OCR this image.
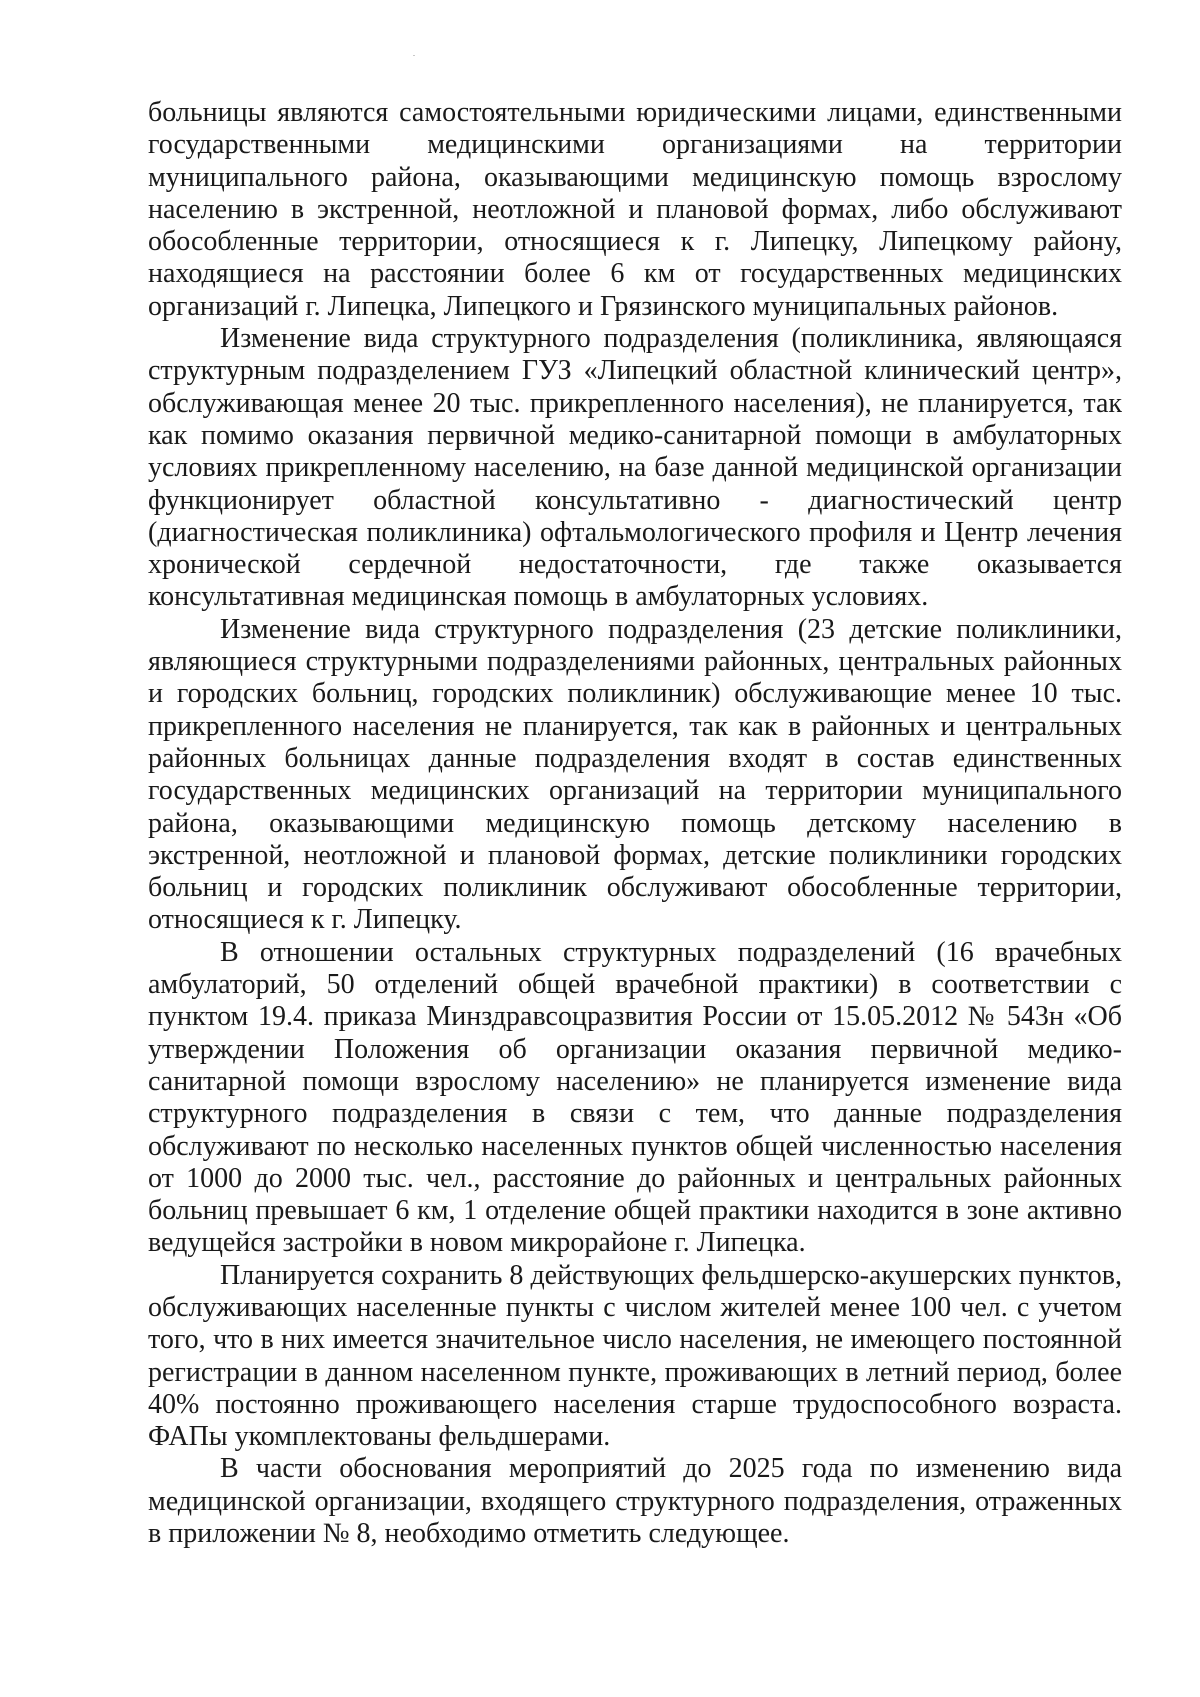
больницы являются самостоятельными юридическими лицами, единственными государственными медицинскими организациями на территории муниципального района, оказывающими медицинскую помощь взрослому населению в экстренной, неотложной и плановой формах, либо обслуживают обособленные территории, относящиеся к г. Липецку, Липецкому району, находящиеся на расстоянии более 6 км от государственных медицинских организаций г. Липецка, Липецкого и Грязинского муниципальных районов.

Изменение вида структурного подразделения (поликлиника, являющаяся структурным подразделением ГУЗ «Липецкий областной клинический центр», обслуживающая менее 20 тыс. прикрепленного населения), не планируется, так как помимо оказания первичной медико-санитарной помощи в амбулаторных условиях прикрепленному населению, на базе данной медицинской организации функционирует областной консультативно - диагностический центр (диагностическая поликлиника) офтальмологического профиля и Центр лечения хронической сердечной недостаточности, где также оказывается консультативная медицинская помощь в амбулаторных условиях.

Изменение вида структурного подразделения (23 детские поликлиники, являющиеся структурными подразделениями районных, центральных районных и городских больниц, городских поликлиник) обслуживающие менее 10 тыс. прикрепленного населения не планируется, так как в районных и центральных районных больницах данные подразделения входят в состав единственных государственных медицинских организаций на территории муниципального района, оказывающими медицинскую помощь детскому населению в экстренной, неотложной и плановой формах, детские поликлиники городских больниц и городских поликлиник обслуживают обособленные территории, относящиеся к г. Липецку.

В отношении остальных структурных подразделений (16 врачебных амбулаторий, 50 отделений общей врачебной практики) в соответствии с пунктом 19.4. приказа Минздравсоцразвития России от 15.05.2012 № 543н «Об утверждении Положения об организации оказания первичной медико-санитарной помощи взрослому населению» не планируется изменение вида структурного подразделения в связи с тем, что данные подразделения обслуживают по несколько населенных пунктов общей численностью населения от 1000 до 2000 тыс. чел., расстояние до районных и центральных районных больниц превышает 6 км, 1 отделение общей практики находится в зоне активно ведущейся застройки в новом микрорайоне г. Липецка.

Планируется сохранить 8 действующих фельдшерско-акушерских пунктов, обслуживающих населенные пункты с числом жителей менее 100 чел. с учетом того, что в них имеется значительное число населения, не имеющего постоянной регистрации в данном населенном пункте, проживающих в летний период, более 40% постоянно проживающего населения старше трудоспособного возраста. ФАПы укомплектованы фельдшерами.

В части обоснования мероприятий до 2025 года по изменению вида медицинской организации, входящего структурного подразделения, отраженных в приложении № 8, необходимо отметить следующее.
